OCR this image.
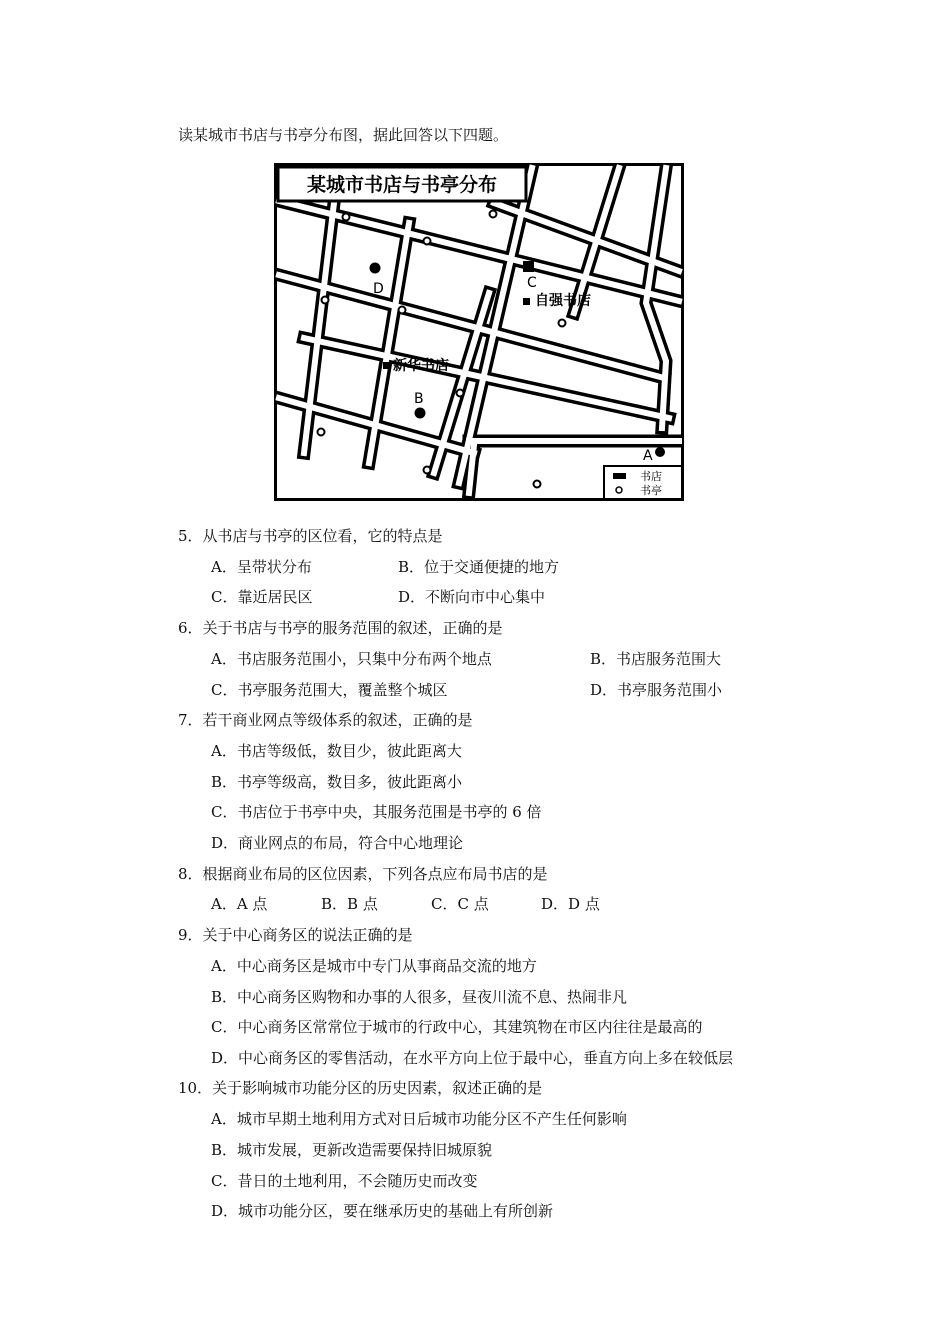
读某城市书店与书亭分布图，据此回答以下四题。
某城市书店与书亭分布
自强书店
新华书店
D	C
B
A
书店
书亭
5．从书店与书亭的区位看，它的特点是
A．呈带状分布	B．位于交通便捷的地方
C．靠近居民区	D．不断向市中心集中
6．关于书店与书亭的服务范围的叙述，正确的是
A．书店服务范围小，只集中分布两个地点	B．书店服务范围大
C．书亭服务范围大，覆盖整个城区	D．书亭服务范围小
7．若干商业网点等级体系的叙述，正确的是
A．书店等级低，数目少，彼此距离大
B．书亭等级高，数目多，彼此距离小
C．书店位于书亭中央，其服务范围是书亭的 6 倍
D．商业网点的布局，符合中心地理论
8．根据商业布局的区位因素，下列各点应布局书店的是
A．A 点	B．B 点	C．C 点	D．D 点
9．关于中心商务区的说法正确的是
A．中心商务区是城市中专门从事商品交流的地方
B．中心商务区购物和办事的人很多，昼夜川流不息、热闹非凡
C．中心商务区常常位于城市的行政中心，其建筑物在市区内往往是最高的
D．中心商务区的零售活动，在水平方向上位于最中心，垂直方向上多在较低层
10．关于影响城市功能分区的历史因素，叙述正确的是
A．城市早期土地利用方式对日后城市功能分区不产生任何影响
B．城市发展，更新改造需要保持旧城原貌
C．昔日的土地利用，不会随历史而改变
D．城市功能分区，要在继承历史的基础上有所创新
